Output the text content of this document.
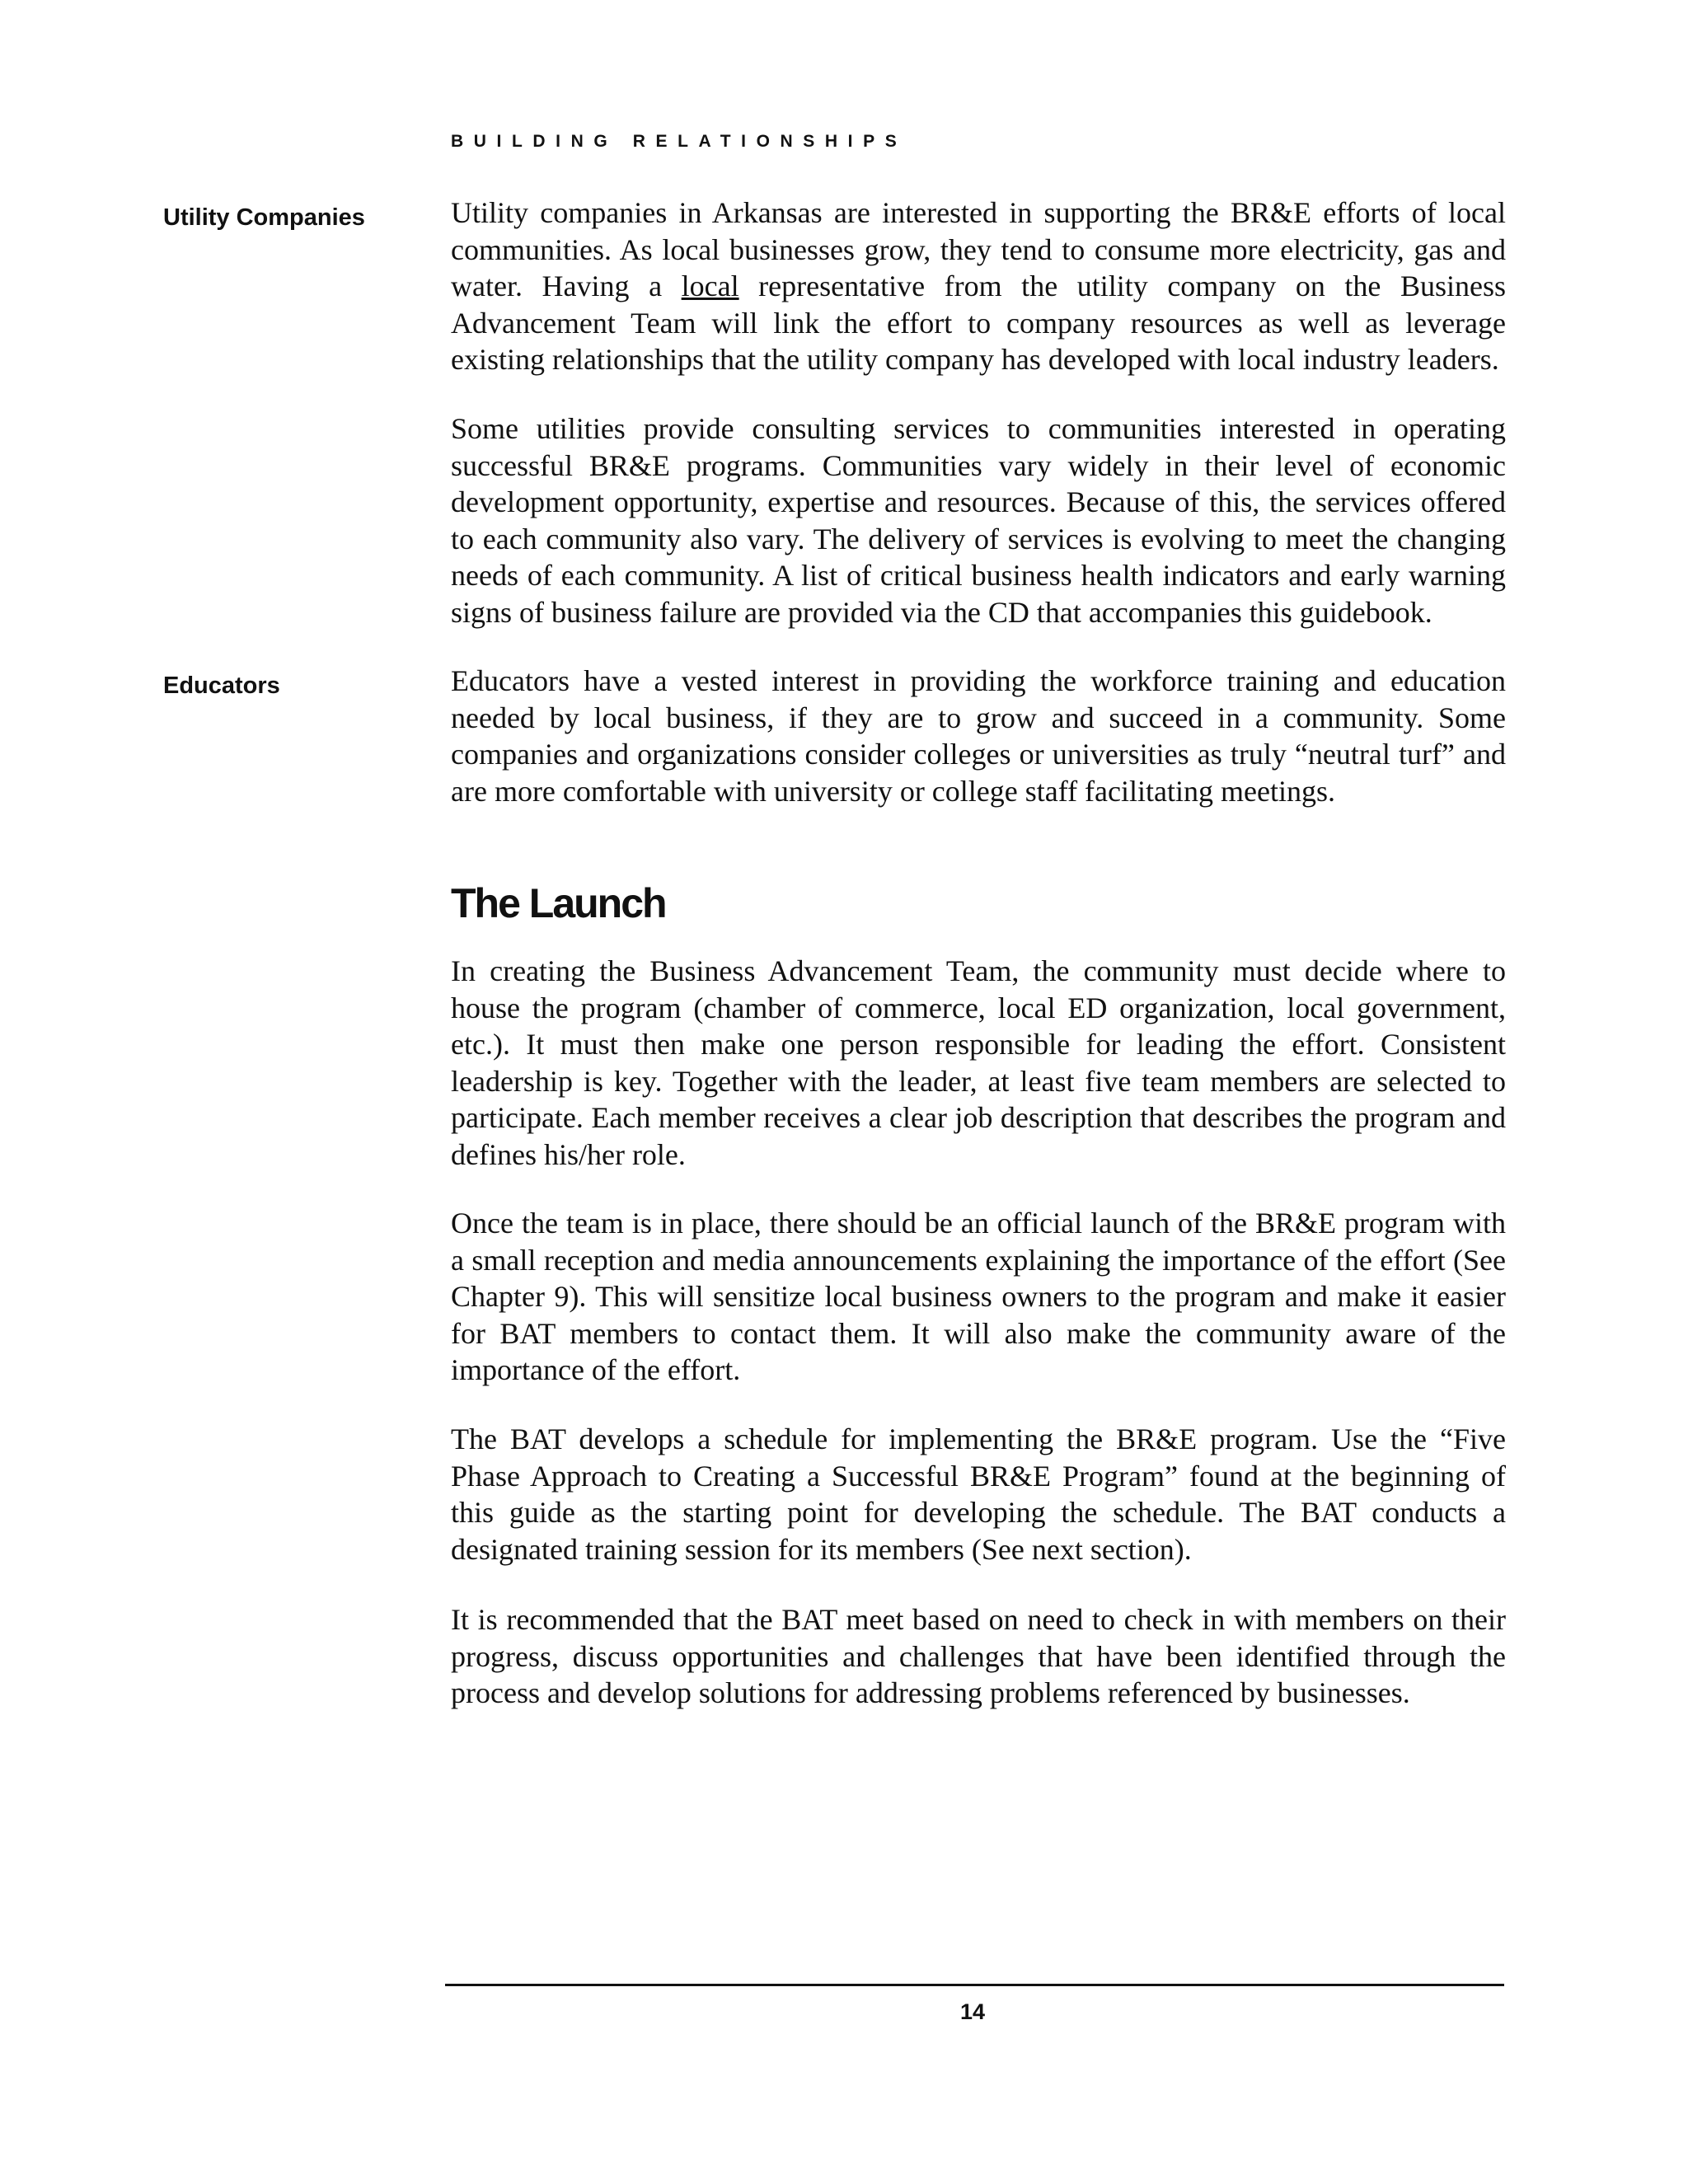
BUILDING RELATIONSHIPS
Utility Companies	Utility companies in Arkansas are interested in supporting the BR&E efforts of local communities. As local businesses grow, they tend to consume more electricity, gas and water. Having a local representative from the utility company on the Business Advancement Team will link the effort to company resources as well as leverage existing relationships that the utility company has developed with local industry leaders.

Some utilities provide consulting services to communities interested in operating successful BR&E programs. Communities vary widely in their level of economic development opportunity, expertise and resources. Because of this, the services offered to each community also vary. The delivery of services is evolving to meet the changing needs of each community. A list of critical business health indicators and early warning signs of business failure are provided via the CD that accompanies this guidebook.

Educators	Educators have a vested interest in providing the workforce training and education needed by local business, if they are to grow and succeed in a community. Some companies and organizations consider colleges or universities as truly “neutral turf” and are more comfortable with university or college staff facilitating meetings.

The Launch

In creating the Business Advancement Team, the community must decide where to house the program (chamber of commerce, local ED organization, local government, etc.). It must then make one person responsible for leading the effort. Consistent leadership is key. Together with the leader, at least five team members are selected to participate. Each member receives a clear job description that describes the program and defines his/her role.

Once the team is in place, there should be an official launch of the BR&E program with a small reception and media announcements explaining the importance of the effort (See Chapter 9). This will sensitize local business owners to the program and make it easier for BAT members to contact them. It will also make the community aware of the importance of the effort.

The BAT develops a schedule for implementing the BR&E program. Use the “Five Phase Approach to Creating a Successful BR&E Program” found at the beginning of this guide as the starting point for developing the schedule. The BAT conducts a designated training session for its members (See next section).

It is recommended that the BAT meet based on need to check in with members on their progress, discuss opportunities and challenges that have been identified through the process and develop solutions for addressing problems referenced by businesses.

14
